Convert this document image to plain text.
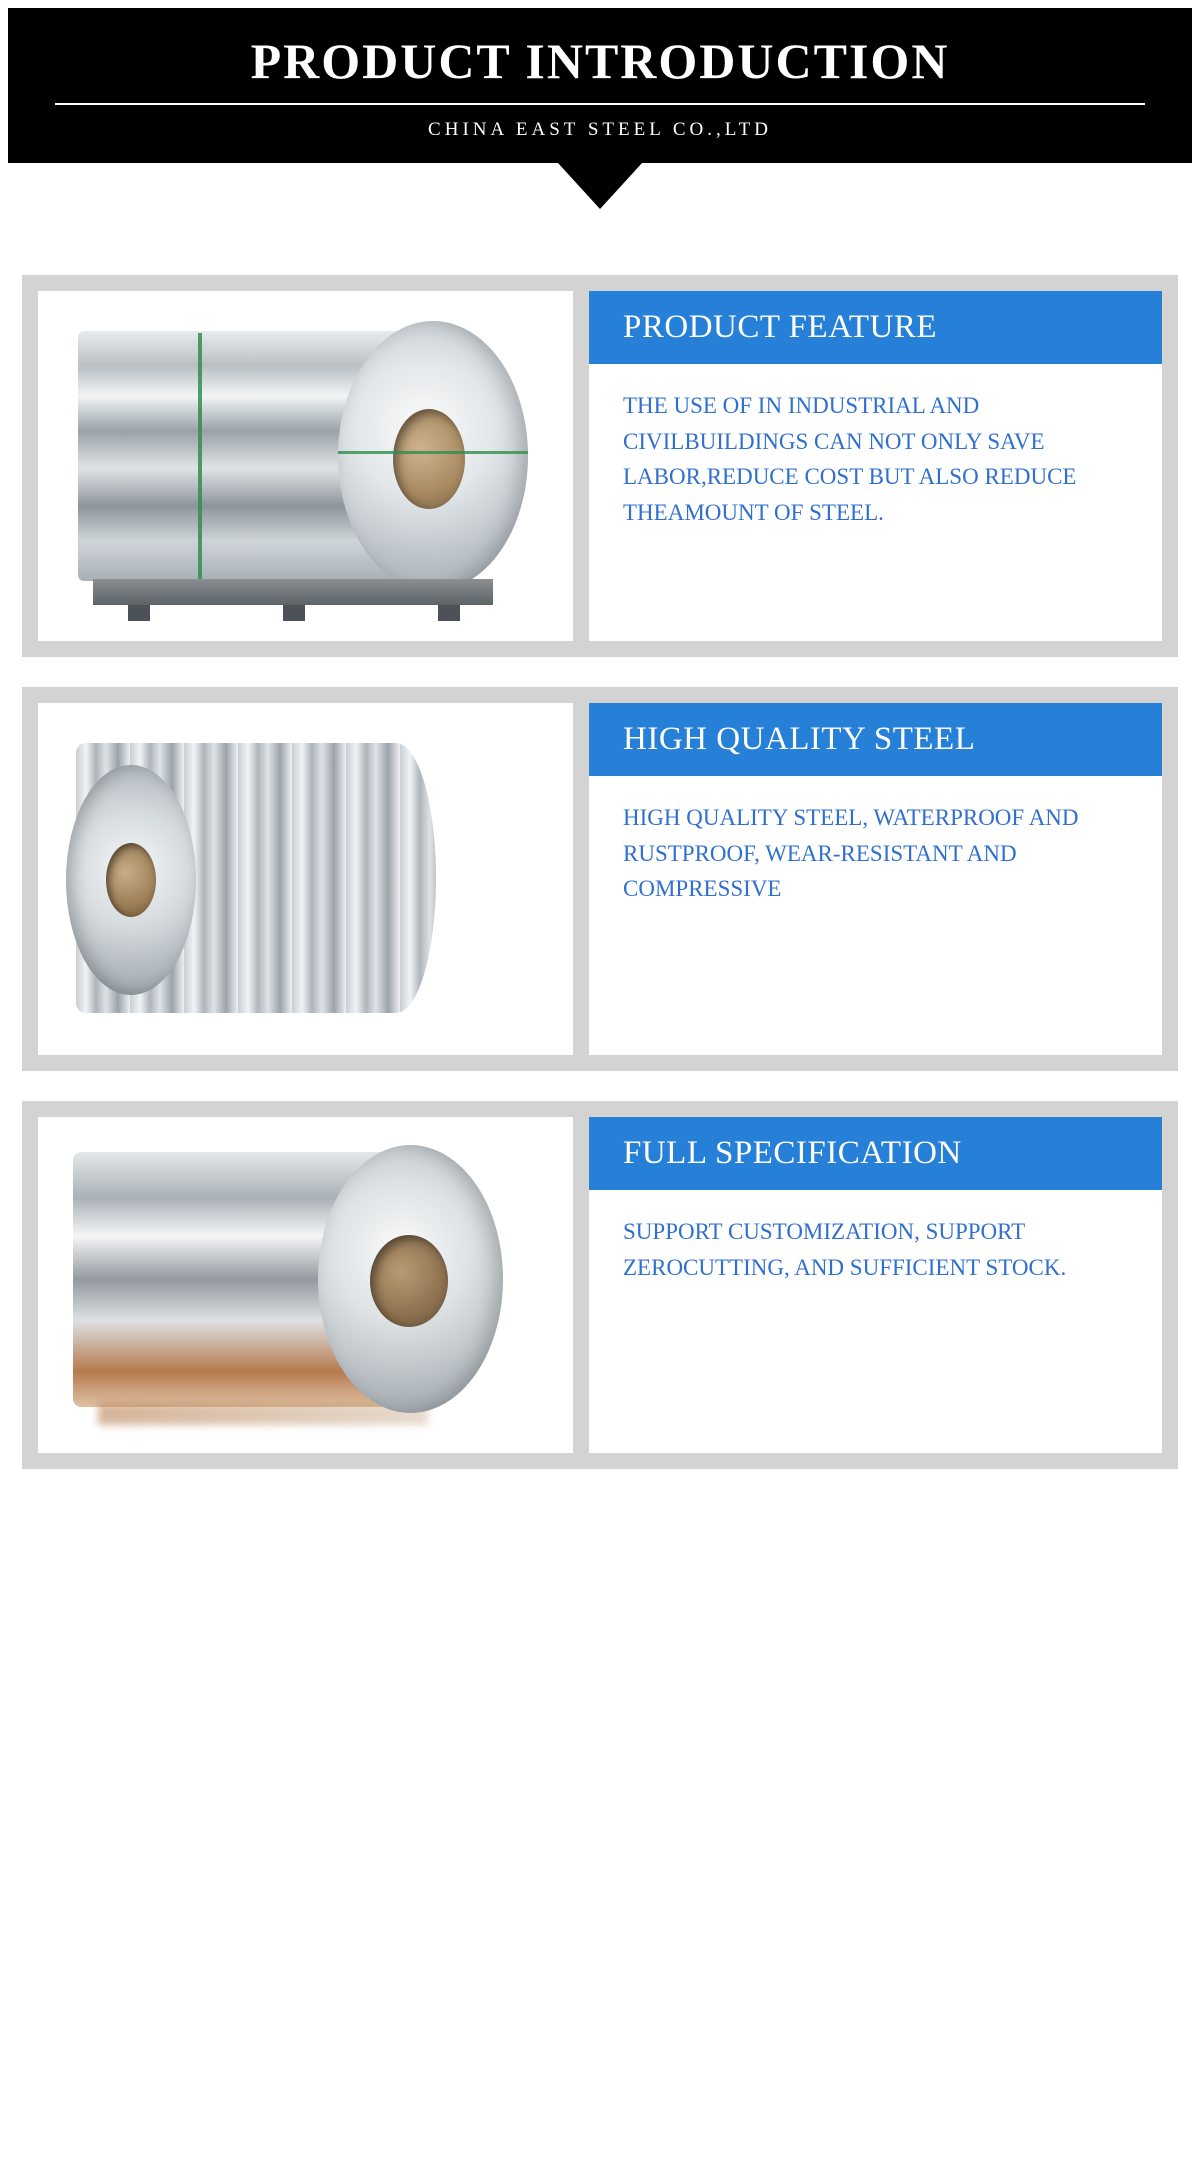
PRODUCT INTRODUCTION
CHINA EAST STEEL CO.,LTD
PRODUCT FEATURE
THE USE OF IN INDUSTRIAL AND CIVILBUILDINGS CAN NOT ONLY SAVE LABOR,REDUCE COST BUT ALSO REDUCE THEAMOUNT OF STEEL.
HIGH QUALITY STEEL
HIGH QUALITY STEEL, WATERPROOF AND RUSTPROOF, WEAR-RESISTANT AND COMPRESSIVE
FULL SPECIFICATION
SUPPORT CUSTOMIZATION, SUPPORT ZEROCUTTING, AND SUFFICIENT STOCK.
